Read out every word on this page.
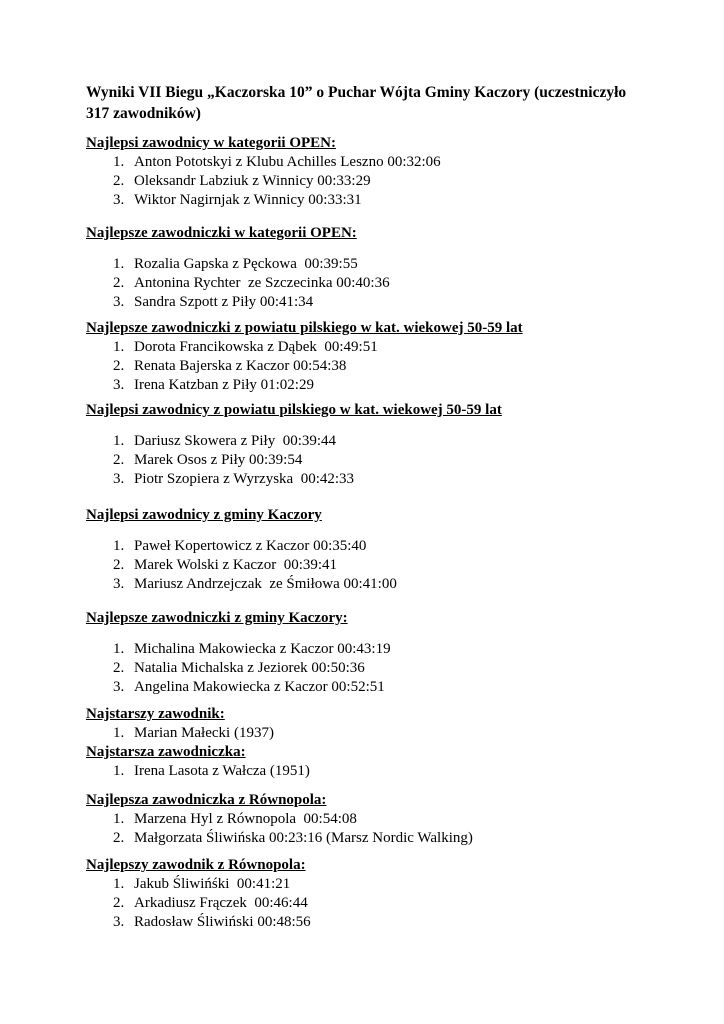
Wyniki VII Biegu „Kaczorska 10” o Puchar Wójta Gminy Kaczory (uczestniczyło 317 zawodników)
Najlepsi zawodnicy w kategorii OPEN:
1. Anton Pototskyi z Klubu Achilles Leszno 00:32:06
2. Oleksandr Labziuk z Winnicy 00:33:29
3. Wiktor Nagirnjak z Winnicy 00:33:31
Najlepsze zawodniczki w kategorii OPEN:
1. Rozalia Gapska z Pęckowa  00:39:55
2. Antonina Rychter  ze Szczecinka 00:40:36
3. Sandra Szpott z Piły 00:41:34
Najlepsze zawodniczki z powiatu pilskiego w kat. wiekowej 50-59 lat
1. Dorota Francikowska z Dąbek  00:49:51
2. Renata Bajerska z Kaczor 00:54:38
3. Irena Katzban z Piły 01:02:29
Najlepsi zawodnicy z powiatu pilskiego w kat. wiekowej 50-59 lat
1. Dariusz Skowera z Piły  00:39:44
2. Marek Osos z Piły 00:39:54
3. Piotr Szopiera z Wyrzyska  00:42:33
Najlepsi zawodnicy z gminy Kaczory
1. Paweł Kopertowicz z Kaczor 00:35:40
2. Marek Wolski z Kaczor  00:39:41
3. Mariusz Andrzejczak  ze Śmiłowa 00:41:00
Najlepsze zawodniczki z gminy Kaczory:
1. Michalina Makowiecka z Kaczor 00:43:19
2. Natalia Michalska z Jeziorek 00:50:36
3. Angelina Makowiecka z Kaczor 00:52:51
Najstarszy zawodnik:
1. Marian Małecki (1937)
Najstarsza zawodniczka:
1. Irena Lasota z Wałcza (1951)
Najlepsza zawodniczka z Równopola:
1. Marzena Hyl z Równopola  00:54:08
2. Małgorzata Śliwińska 00:23:16 (Marsz Nordic Walking)
Najlepszy zawodnik z Równopola:
1. Jakub Śliwińśki  00:41:21
2. Arkadiusz Frączek  00:46:44
3. Radosław Śliwiński 00:48:56
